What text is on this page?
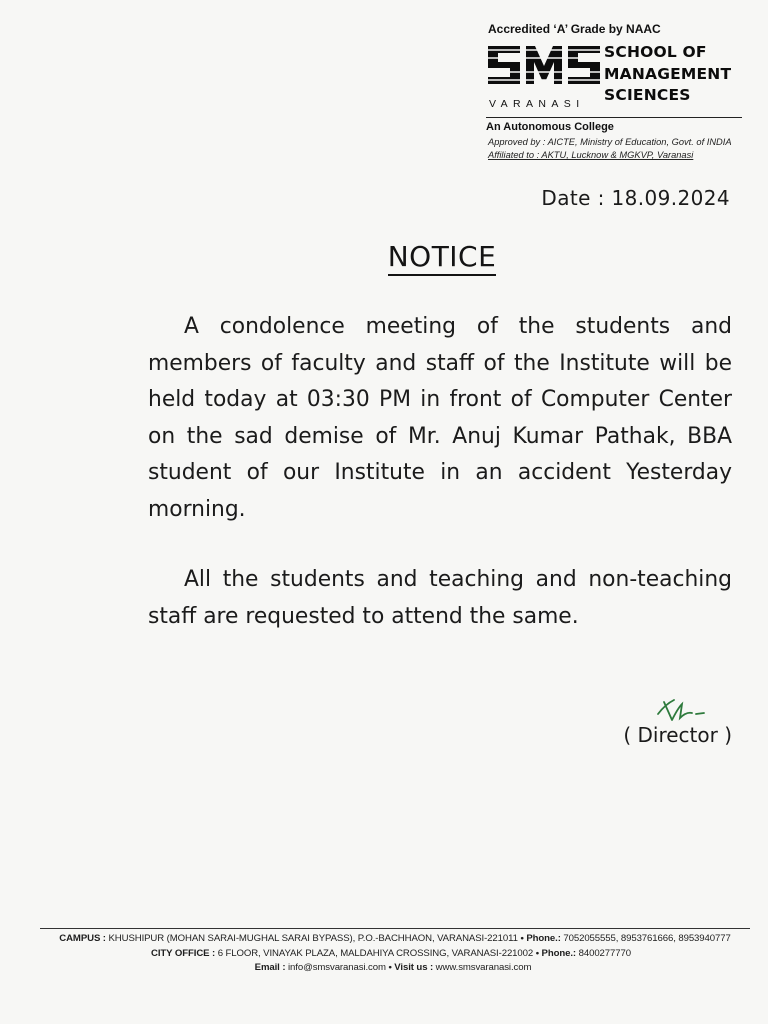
Accredited ‘A’ Grade by NAAC
VARANASI
SCHOOL OF
MANAGEMENT
SCIENCES
An Autonomous College
Approved by : AICTE, Ministry of Education, Govt. of INDIA
Affiliated to : AKTU, Lucknow & MGKVP, Varanasi
Date : 18.09.2024
NOTICE
A condolence meeting of the students and
members of faculty and staff of the Institute will be
held today at 03:30 PM in front of Computer Center
on the sad demise of Mr. Anuj Kumar Pathak, BBA
student of our Institute in an accident Yesterday
morning.
All the students and teaching and non-teaching
staff are requested to attend the same.
( Director )
CAMPUS : KHUSHIPUR (MOHAN SARAI-MUGHAL SARAI BYPASS), P.O.-BACHHAON, VARANASI-221011 • Phone.: 7052055555, 8953761666, 8953940777
CITY OFFICE : 6 FLOOR, VINAYAK PLAZA, MALDAHIYA CROSSING, VARANASI-221002 • Phone.: 8400277770
Email : info@smsvaranasi.com • Visit us : www.smsvaranasi.com
